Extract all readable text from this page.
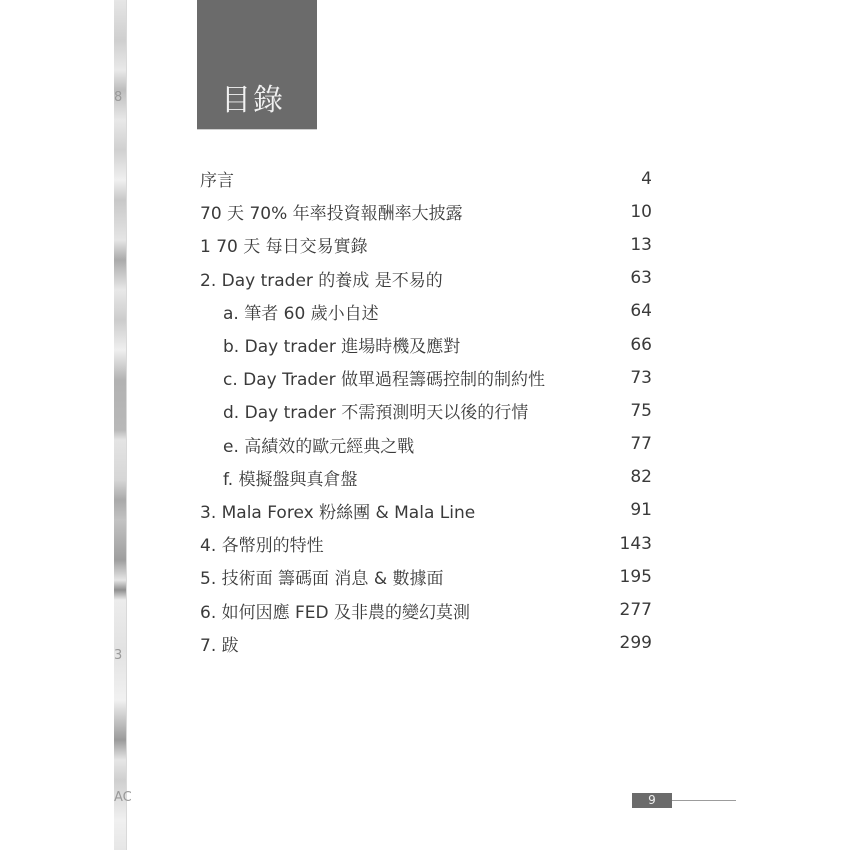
8
3
AC
目錄
序言	4
70 天 70% 年率投資報酬率大披露	10
1 70 天 每日交易實錄	13
2. Day trader 的養成 是不易的	63
a. 筆者 60 歲小自述	64
b. Day trader 進場時機及應對	66
c. Day Trader 做單過程籌碼控制的制約性	73
d. Day trader 不需預測明天以後的行情	75
e. 高績效的歐元經典之戰	77
f. 模擬盤與真倉盤	82
3. Mala Forex 粉絲團 & Mala Line	91
4. 各幣別的特性	143
5. 技術面 籌碼面 消息 & 數據面	195
6. 如何因應 FED 及非農的變幻莫測	277
7. 跋	299
9
